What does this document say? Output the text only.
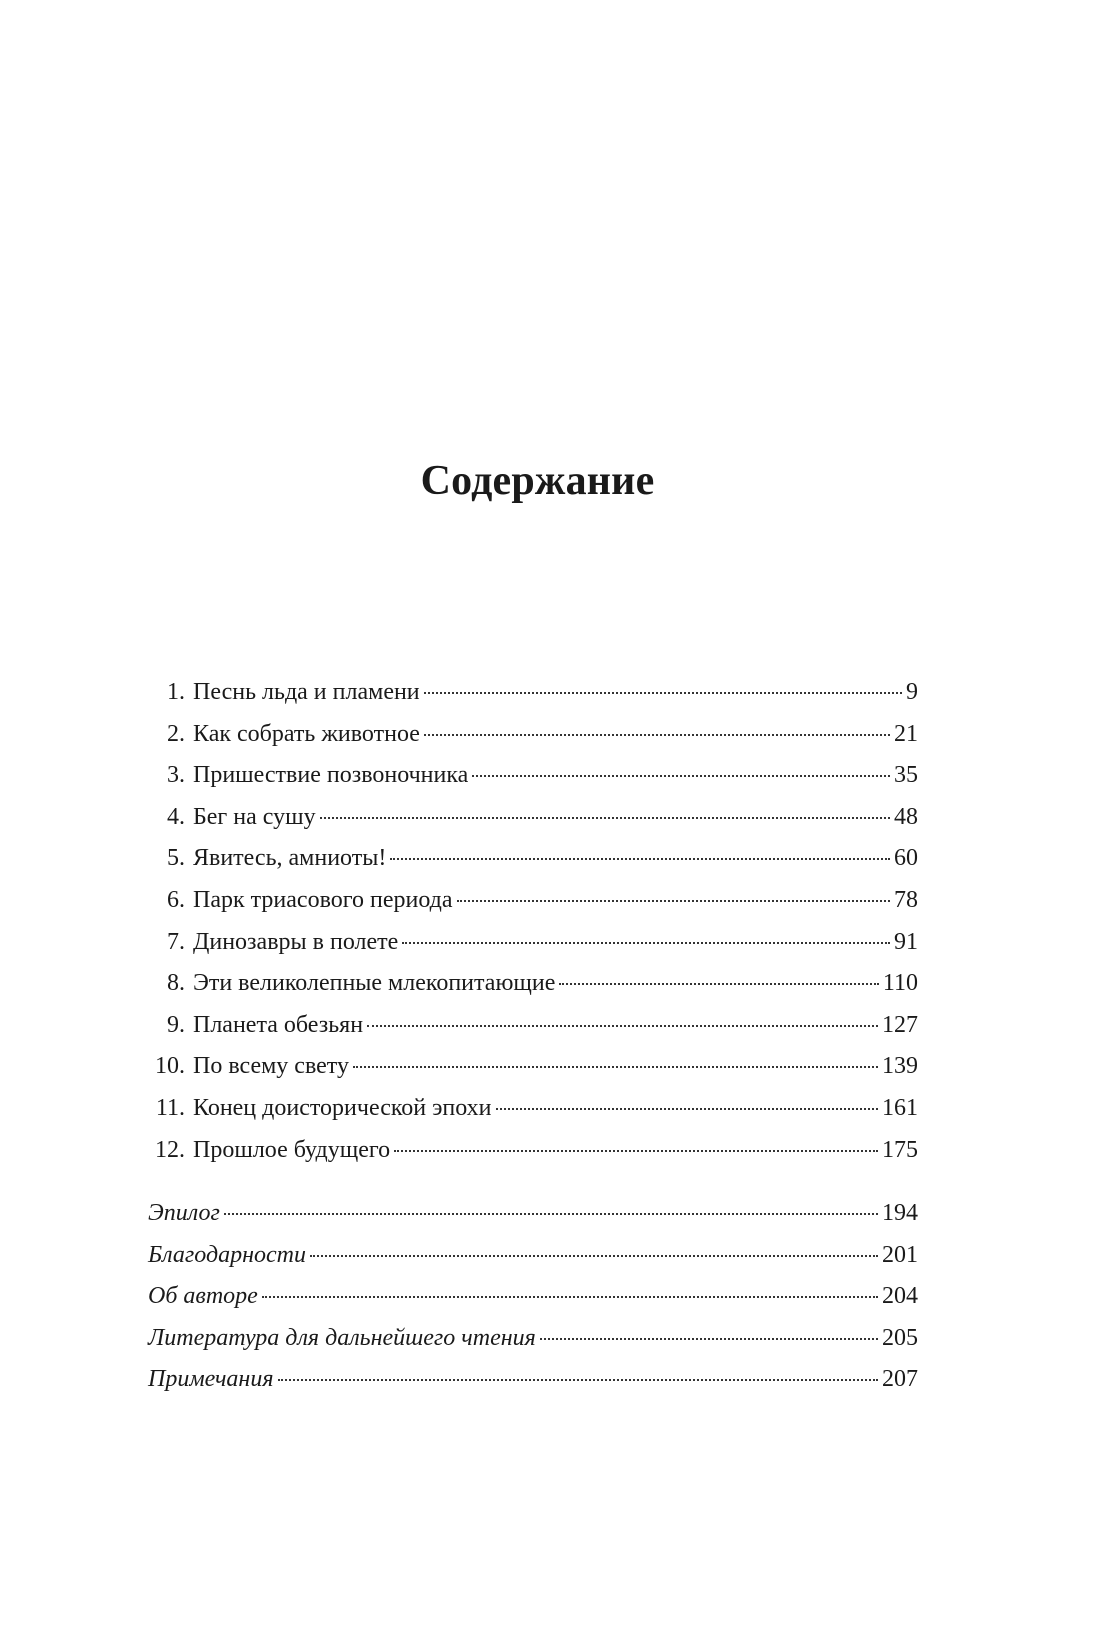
Содержание
1. Песнь льда и пламени	9
2. Как собрать животное	21
3. Пришествие позвоночника	35
4. Бег на сушу	48
5. Явитесь, амниоты!	60
6. Парк триасового периода	78
7. Динозавры в полете	91
8. Эти великолепные млекопитающие	110
9. Планета обезьян	127
10. По всему свету	139
11. Конец доисторической эпохи	161
12. Прошлое будущего	175
Эпилог	194
Благодарности	201
Об авторе	204
Литература для дальнейшего чтения	205
Примечания	207
